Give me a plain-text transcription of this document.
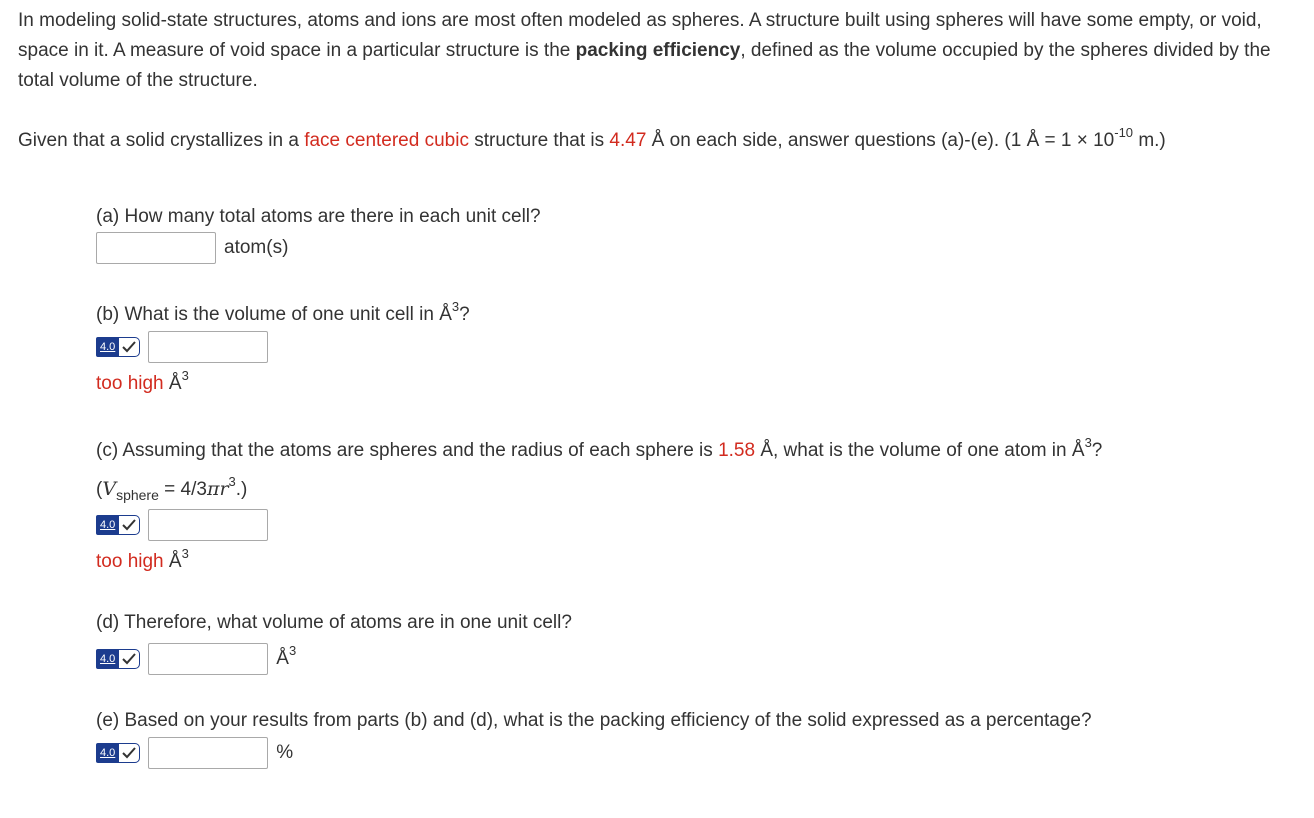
In modeling solid-state structures, atoms and ions are most often modeled as spheres. A structure built using spheres will have some empty, or void, space in it. A measure of void space in a particular structure is the packing efficiency, defined as the volume occupied by the spheres divided by the total volume of the structure.
Given that a solid crystallizes in a face centered cubic structure that is 4.47 Å on each side, answer questions (a)-(e). (1 Å = $1 \times 10^{-10}$ m.)
(a) How many total atoms are there in each unit cell?
atom(s)
(b) What is the volume of one unit cell in $Å^3$?
4.0
too high $Å^3$
(c) Assuming that the atoms are spheres and the radius of each sphere is 1.58 Å, what is the volume of one atom in $Å^3$?
$(V_{sphere} = 4/3\pi r^3.)$
4.0
too high $Å^3$
(d) Therefore, what volume of atoms are in one unit cell?
4.0	$Å^3$
(e) Based on your results from parts (b) and (d), what is the packing efficiency of the solid expressed as a percentage?
4.0	%
